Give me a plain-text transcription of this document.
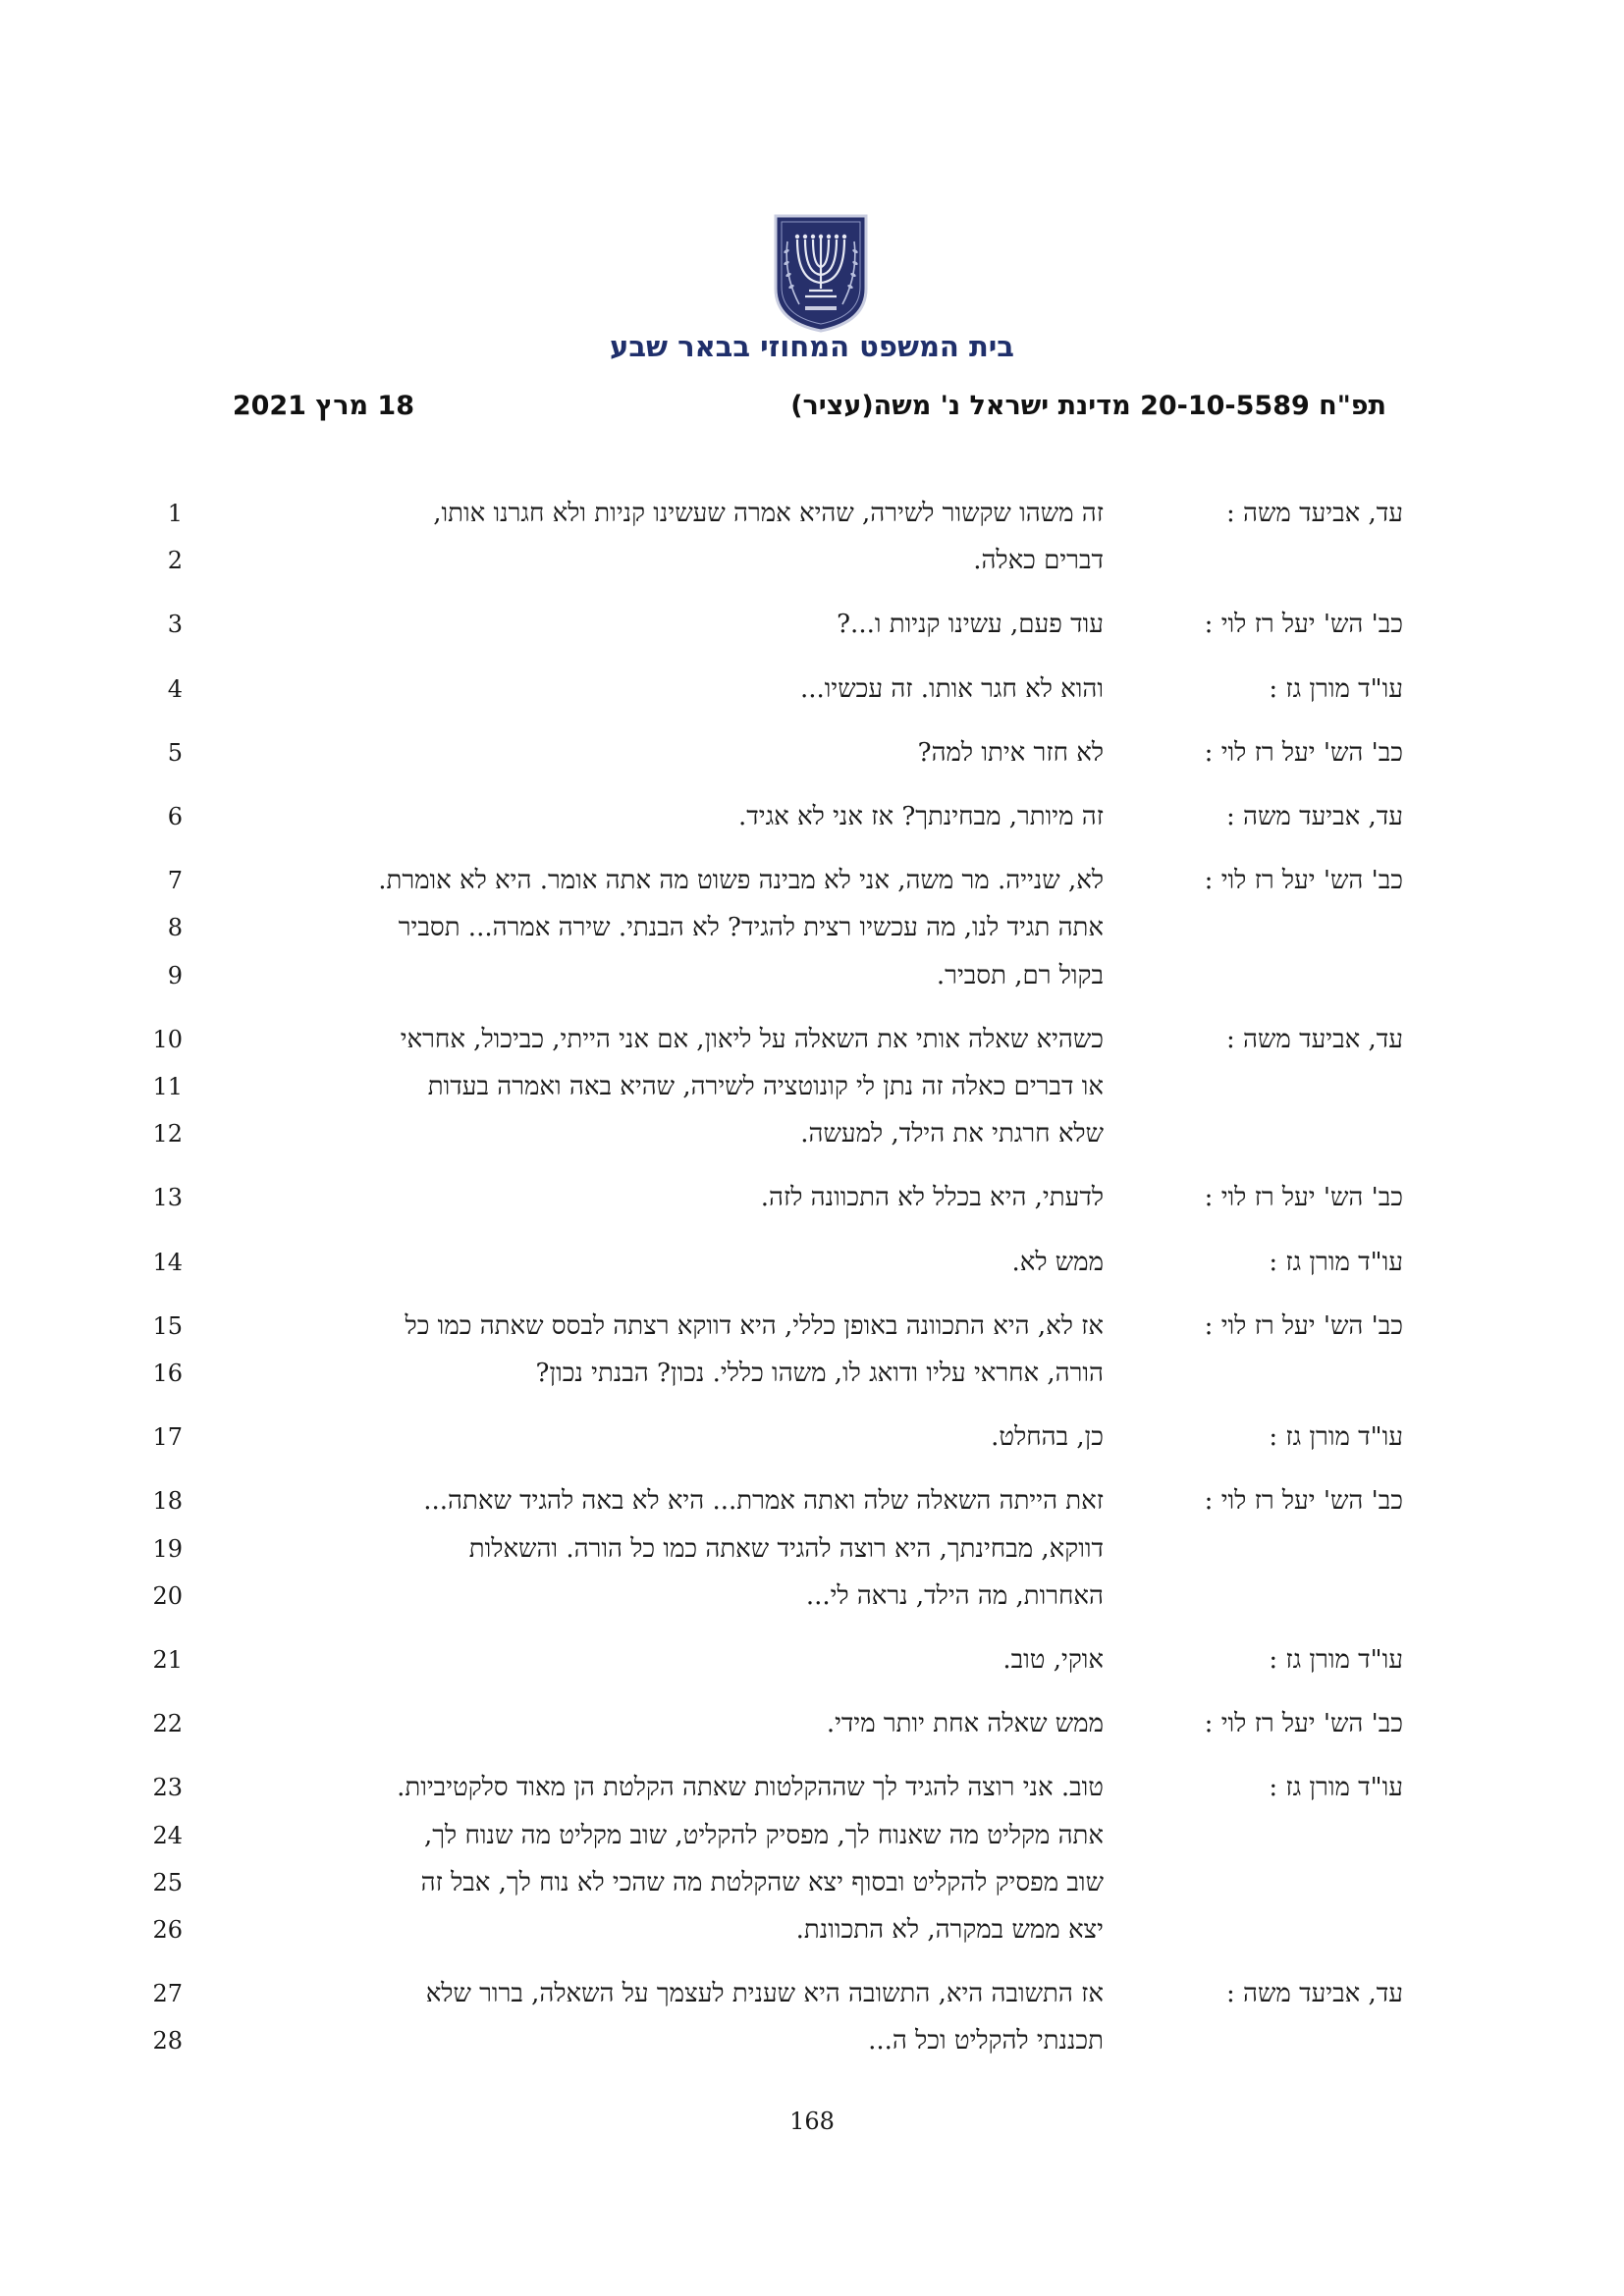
בית המשפט המחוזי בבאר שבע
תפ"ח 20-10-5589 מדינת ישראל נ' משה(עציר)
18 מרץ 2021
עד, אביעד משה :
1	זה משהו שקשור לשירה, שהיא אמרה שעשינו קניות ולא חגרנו אותו,
2	דברים כאלה.
כב' הש' יעל רז לוי :
3	עוד פעם, עשינו קניות ו...?
עו"ד מורן גז :
4	והוא לא חגר אותו. זה עכשיו...
כב' הש' יעל רז לוי :
5	לא חזר איתו למה?
עד, אביעד משה :
6	זה מיותר, מבחינתך? אז אני לא אגיד.
כב' הש' יעל רז לוי :
7	לא, שנייה. מר משה, אני לא מבינה פשוט מה אתה אומר. היא לא אומרת.
8	אתה תגיד לנו, מה עכשיו רצית להגיד? לא הבנתי. שירה אמרה... תסביר
9	בקול רם, תסביר.
עד, אביעד משה :
10	כשהיא שאלה אותי את השאלה על ליאון, אם אני הייתי, כביכול, אחראי
11	או דברים כאלה זה נתן לי קונוטציה לשירה, שהיא באה ואמרה בעדות
12	שלא חרגתי את הילד, למעשה.
כב' הש' יעל רז לוי :
13	לדעתי, היא בכלל לא התכוונה לזה.
עו"ד מורן גז :
14	ממש לא.
כב' הש' יעל רז לוי :
15	אז לא, היא התכוונה באופן כללי, היא דווקא רצתה לבסס שאתה כמו כל
16	הורה, אחראי עליו ודואג לו, משהו כללי. נכון? הבנתי נכון?
עו"ד מורן גז :
17	כן, בהחלט.
כב' הש' יעל רז לוי :
18	זאת הייתה השאלה שלה ואתה אמרת... היא לא באה להגיד שאתה...
19	דווקא, מבחינתך, היא רוצה להגיד שאתה כמו כל הורה. והשאלות
20	האחרות, מה הילד, נראה לי...
עו"ד מורן גז :
21	אוקי, טוב.
כב' הש' יעל רז לוי :
22	ממש שאלה אחת יותר מידי.
עו"ד מורן גז :
23	טוב. אני רוצה להגיד לך שההקלטות שאתה הקלטת הן מאוד סלקטיביות.
24	אתה מקליט מה שאנוח לך, מפסיק להקליט, שוב מקליט מה שנוח לך,
25	שוב מפסיק להקליט ובסוף יצא שהקלטת מה שהכי לא נוח לך, אבל זה
26	יצא ממש במקרה, לא התכוונת.
עד, אביעד משה :
27	אז התשובה היא, התשובה היא שענית לעצמך על השאלה, ברור שלא
28	תכננתי להקליט וכל ה...
168
